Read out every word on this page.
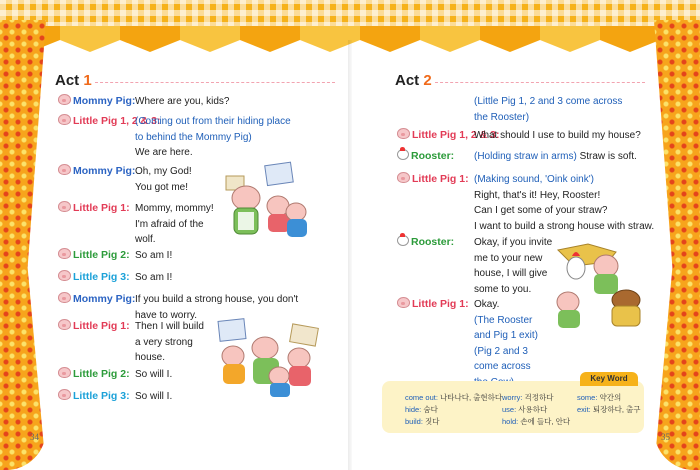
34	35
Act 1
Mommy Pig: Where are you, kids?
Little Pig 1, 2 & 3:
(Coming out from their hiding place
to behind the Mommy Pig)
We are here.
Mommy Pig: Oh, my God!
You got me!
Little Pig 1: Mommy, mommy!
I'm afraid of the
wolf.
Little Pig 2: So am I!
Little Pig 3: So am I!
Mommy Pig: If you build a strong house, you don't
have to worry.
Little Pig 1: Then I will build
a very strong
house.
Little Pig 2: So will I.
Little Pig 3: So will I.
Act 2
(Little Pig 1, 2 and 3 come across
the Rooster)
Little Pig 1, 2 & 3:
What should I use to build my house?
Rooster: (Holding straw in arms) Straw is soft.
Little Pig 1: (Making sound, 'Oink oink')
Right, that's it! Hey, Rooster!
Can I get some of your straw?
I want to build a strong house with straw.
Rooster: Okay, if you invite
me to your new
house, I will give
some to you.
Little Pig 1: Okay.
(The Rooster
and Pig 1 exit)
(Pig 2 and 3
come across
Key Word
come out: 나타나다, 출현하다 worry: 걱정하다	some: 약간의
hide: 숨다	use: 사용하다	exit: 퇴장하다, 출구
build: 짓다	hold: 손에 들다, 안다
